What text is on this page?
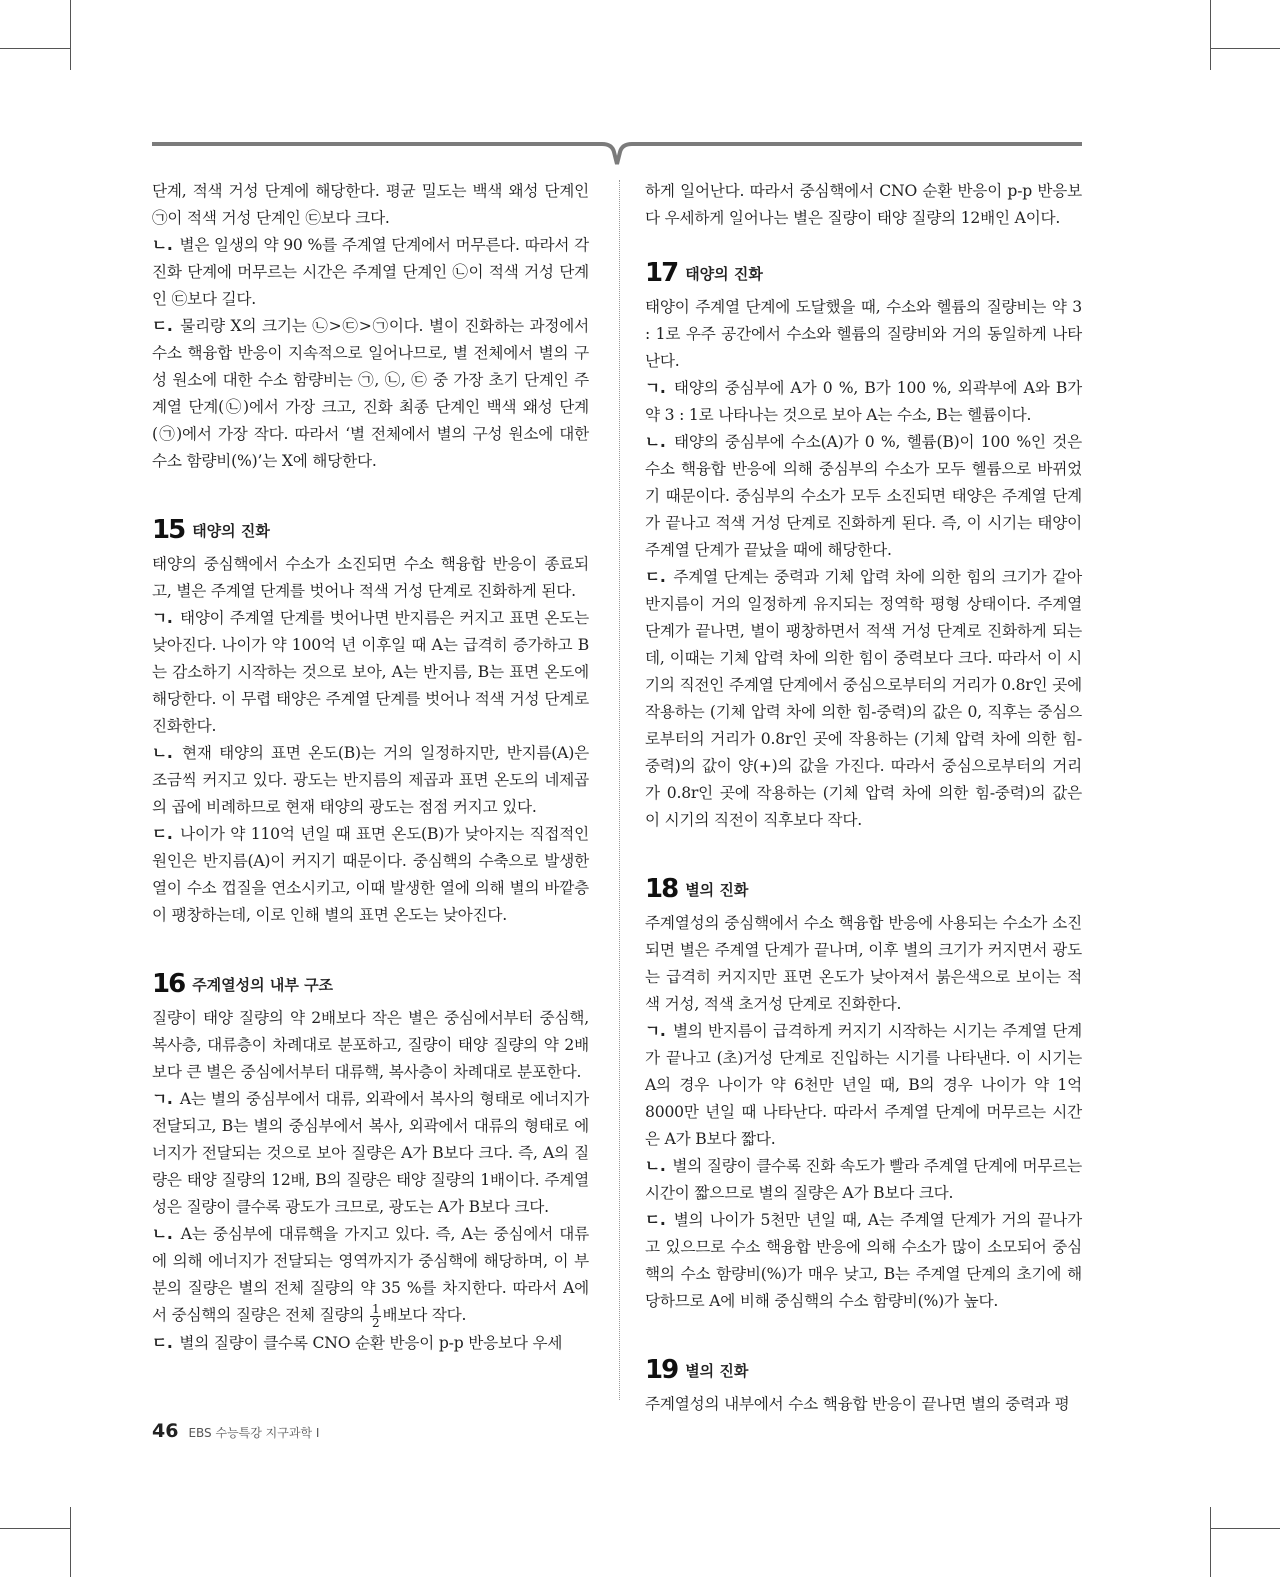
단계, 적색 거성 단계에 해당한다. 평균 밀도는 백색 왜성 단계인 ㉠이 적색 거성 단계인 ㉢보다 크다.

ㄴ. 별은 일생의 약 90 %를 주계열 단계에서 머무른다. 따라서 각 진화 단계에 머무르는 시간은 주계열 단계인 ㉡이 적색 거성 단계인 ㉢보다 길다.

ㄷ. 물리량 X의 크기는 ㉡>㉢>㉠이다. 별이 진화하는 과정에서 수소 핵융합 반응이 지속적으로 일어나므로, 별 전체에서 별의 구성 원소에 대한 수소 함량비는 ㉠, ㉡, ㉢ 중 가장 초기 단계인 주계열 단계(㉡)에서 가장 크고, 진화 최종 단계인 백색 왜성 단계(㉠)에서 가장 작다. 따라서 ‘별 전체에서 별의 구성 원소에 대한 수소 함량비(%)’는 X에 해당한다.

15 태양의 진화

태양의 중심핵에서 수소가 소진되면 수소 핵융합 반응이 종료되고, 별은 주계열 단계를 벗어나 적색 거성 단계로 진화하게 된다.

ㄱ. 태양이 주계열 단계를 벗어나면 반지름은 커지고 표면 온도는 낮아진다. 나이가 약 100억 년 이후일 때 A는 급격히 증가하고 B는 감소하기 시작하는 것으로 보아, A는 반지름, B는 표면 온도에 해당한다. 이 무렵 태양은 주계열 단계를 벗어나 적색 거성 단계로 진화한다.

ㄴ. 현재 태양의 표면 온도(B)는 거의 일정하지만, 반지름(A)은 조금씩 커지고 있다. 광도는 반지름의 제곱과 표면 온도의 네제곱의 곱에 비례하므로 현재 태양의 광도는 점점 커지고 있다.

ㄷ. 나이가 약 110억 년일 때 표면 온도(B)가 낮아지는 직접적인 원인은 반지름(A)이 커지기 때문이다. 중심핵의 수축으로 발생한 열이 수소 껍질을 연소시키고, 이때 발생한 열에 의해 별의 바깥층이 팽창하는데, 이로 인해 별의 표면 온도는 낮아진다.

16 주계열성의 내부 구조

질량이 태양 질량의 약 2배보다 작은 별은 중심에서부터 중심핵, 복사층, 대류층이 차례대로 분포하고, 질량이 태양 질량의 약 2배보다 큰 별은 중심에서부터 대류핵, 복사층이 차례대로 분포한다.

ㄱ. A는 별의 중심부에서 대류, 외곽에서 복사의 형태로 에너지가 전달되고, B는 별의 중심부에서 복사, 외곽에서 대류의 형태로 에너지가 전달되는 것으로 보아 질량은 A가 B보다 크다. 즉, A의 질량은 태양 질량의 12배, B의 질량은 태양 질량의 1배이다. 주계열성은 질량이 클수록 광도가 크므로, 광도는 A가 B보다 크다.

ㄴ. A는 중심부에 대류핵을 가지고 있다. 즉, A는 중심에서 대류에 의해 에너지가 전달되는 영역까지가 중심핵에 해당하며, 이 부분의 질량은 별의 전체 질량의 약 35 %를 차지한다. 따라서 A에서 중심핵의 질량은 전체 질량의 $\frac{1}{2}$ 배보다 작다.

ㄷ. 별의 질량이 클수록 CNO 순환 반응이 p-p 반응보다 우세

하게 일어난다. 따라서 중심핵에서 CNO 순환 반응이 p-p 반응보다 우세하게 일어나는 별은 질량이 태양 질량의 12배인 A이다.

17 태양의 진화

태양이 주계열 단계에 도달했을 때, 수소와 헬륨의 질량비는 약 3 : 1로 우주 공간에서 수소와 헬륨의 질량비와 거의 동일하게 나타난다.

ㄱ. 태양의 중심부에 A가 0 %, B가 100 %, 외곽부에 A와 B가 약 3 : 1로 나타나는 것으로 보아 A는 수소, B는 헬륨이다.

ㄴ. 태양의 중심부에 수소(A)가 0 %, 헬륨(B)이 100 %인 것은 수소 핵융합 반응에 의해 중심부의 수소가 모두 헬륨으로 바뀌었기 때문이다. 중심부의 수소가 모두 소진되면 태양은 주계열 단계가 끝나고 적색 거성 단계로 진화하게 된다. 즉, 이 시기는 태양이 주계열 단계가 끝났을 때에 해당한다.

ㄷ. 주계열 단계는 중력과 기체 압력 차에 의한 힘의 크기가 같아 반지름이 거의 일정하게 유지되는 정역학 평형 상태이다. 주계열 단계가 끝나면, 별이 팽창하면서 적색 거성 단계로 진화하게 되는데, 이때는 기체 압력 차에 의한 힘이 중력보다 크다. 따라서 이 시기의 직전인 주계열 단계에서 중심으로부터의 거리가 0.8r인 곳에 작용하는 (기체 압력 차에 의한 힘-중력)의 값은 0, 직후는 중심으로부터의 거리가 0.8r인 곳에 작용하는 (기체 압력 차에 의한 힘-중력)의 값이 양(+)의 값을 가진다. 따라서 중심으로부터의 거리가 0.8r인 곳에 작용하는 (기체 압력 차에 의한 힘-중력)의 값은 이 시기의 직전이 직후보다 작다.

18 별의 진화

주계열성의 중심핵에서 수소 핵융합 반응에 사용되는 수소가 소진되면 별은 주계열 단계가 끝나며, 이후 별의 크기가 커지면서 광도는 급격히 커지지만 표면 온도가 낮아져서 붉은색으로 보이는 적색 거성, 적색 초거성 단계로 진화한다.

ㄱ. 별의 반지름이 급격하게 커지기 시작하는 시기는 주계열 단계가 끝나고 (초)거성 단계로 진입하는 시기를 나타낸다. 이 시기는 A의 경우 나이가 약 6천만 년일 때, B의 경우 나이가 약 1억 8000만 년일 때 나타난다. 따라서 주계열 단계에 머무르는 시간은 A가 B보다 짧다.

ㄴ. 별의 질량이 클수록 진화 속도가 빨라 주계열 단계에 머무르는 시간이 짧으므로 별의 질량은 A가 B보다 크다.

ㄷ. 별의 나이가 5천만 년일 때, A는 주계열 단계가 거의 끝나가고 있으므로 수소 핵융합 반응에 의해 수소가 많이 소모되어 중심핵의 수소 함량비(%)가 매우 낮고, B는 주계열 단계의 초기에 해당하므로 A에 비해 중심핵의 수소 함량비(%)가 높다.

19 별의 진화

주계열성의 내부에서 수소 핵융합 반응이 끝나면 별의 중력과 평

46 EBS 수능특강 지구과학 Ⅰ
